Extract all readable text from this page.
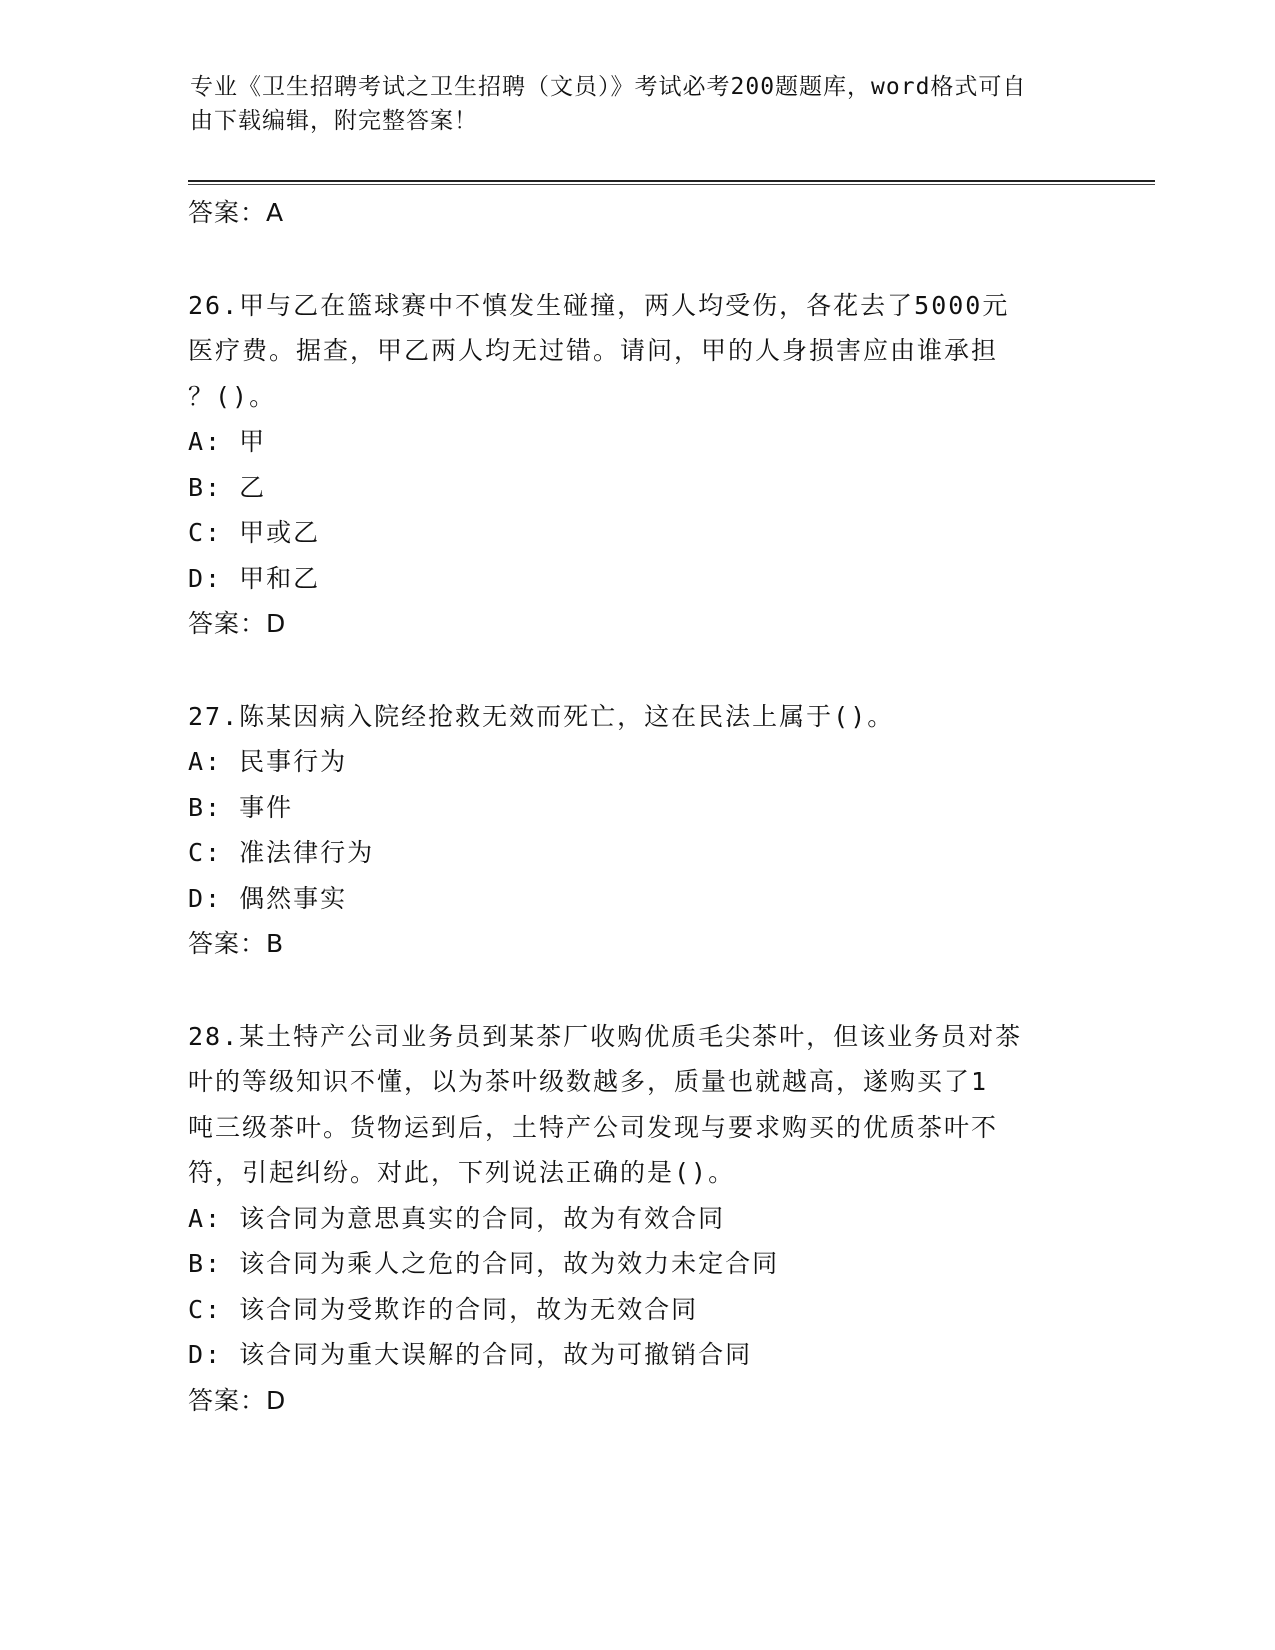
专业《卫生招聘考试之卫生招聘（文员）》考试必考200题题库，word格式可自
由下载编辑，附完整答案！
答案：A
26.甲与乙在篮球赛中不慎发生碰撞，两人均受伤，各花去了5000元
医疗费。据查，甲乙两人均无过错。请问，甲的人身损害应由谁承担
？()。
A: 甲
B: 乙
C: 甲或乙
D: 甲和乙
答案：D
27.陈某因病入院经抢救无效而死亡，这在民法上属于()。
A: 民事行为
B: 事件
C: 准法律行为
D: 偶然事实
答案：B
28.某土特产公司业务员到某茶厂收购优质毛尖茶叶，但该业务员对茶
叶的等级知识不懂，以为茶叶级数越多，质量也就越高，遂购买了1
吨三级茶叶。货物运到后，土特产公司发现与要求购买的优质茶叶不
符，引起纠纷。对此，下列说法正确的是()。
A: 该合同为意思真实的合同，故为有效合同
B: 该合同为乘人之危的合同，故为效力未定合同
C: 该合同为受欺诈的合同，故为无效合同
D: 该合同为重大误解的合同，故为可撤销合同
答案：D
